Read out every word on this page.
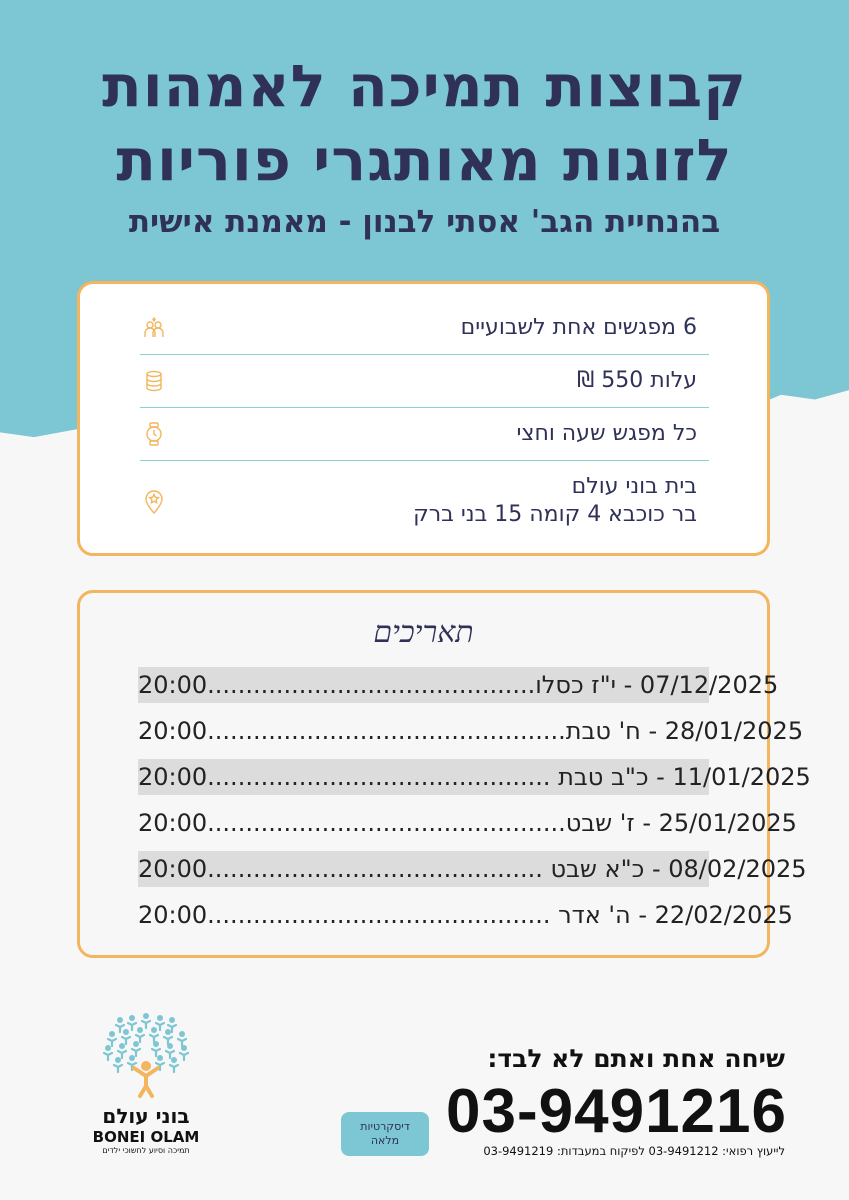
קבוצות תמיכה לאמהות
לזוגות מאותגרי פוריות
בהנחיית הגב' אסתי לבנון - מאמנת אישית
6 מפגשים אחת לשבועיים
עלות 550 ₪
כל מפגש שעה וחצי
בית בוני עולם
בר כוכבא 4 קומה 15 בני ברק
תאריכים
20:00 07/12/2025 - י"ז כסלו...........................................
20:00 28/01/2025 - ח' טבת...............................................
20:00 11/01/2025 - כ"ב טבת .............................................
20:00 25/01/2025 - ז' שבט...............................................
20:00 08/02/2025 - כ"א שבט ............................................
20:00 22/02/2025 - ה' אדר .............................................
בוני עולם
BONEI OLAM
תמיכה וסיוע לחשוכי ילדים
דיסקרטיות
מלאה
שיחה אחת ואתם לא לבד:
03-9491216
לייעוץ רפואי: 03-9491212 לפיקוח במעבדות: 03-9491219
